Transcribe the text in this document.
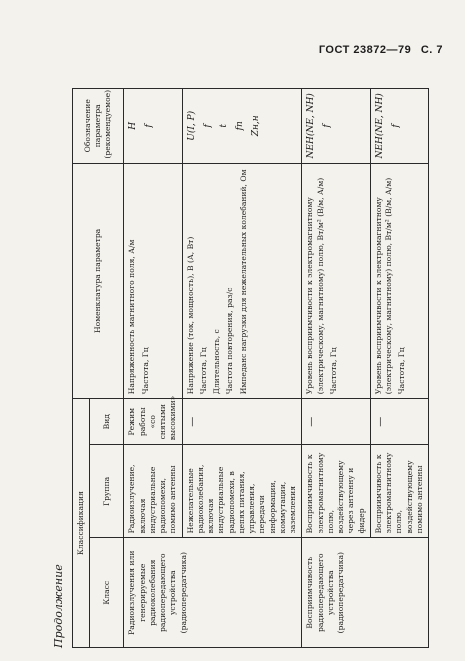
ГОСТ 23872—79 С. 7
Продолжение
Классификация			Номенклатура параметра	Обозначение параметра (рекомендуемое)
Класс	Группа	Вид		
Радиоизлучения или генерируемые радиоколебания радиопередающего устройства (радиопередатчика)	Радиоизлучение, включая индустриальные радиопомехи, помимо антенны	Режим работы «со снятыми высокими»	Напряженность магнитного поля, А/м Частота, Гц	H f

	Нежелательные радиоколебания, включая индустриальные радиопомехи, в цепях питания, управления, передачи информации, коммутации, заземления	—	Напряжение (ток, мощность), В (А, Вт) Частота, Гц Длительность, с Частота повторения, раз/с Импеданс нагрузки для нежелательных колебаний, Ом	U(I, P) f t fп Zн,н

Восприимчивость радиопередающего устройства (радиопередатчика)	Восприимчивость к электромагнитному полю, воздействующему через антенну и фидер	—	Уровень восприимчивости к электромагнитному (электрическому, магнитному) полю, Вт/м² (В/м, А/м) Частота, Гц	NEH(NE, NH) f

	Восприимчивость к электромагнитному полю, воздействующему помимо антенны	—	Уровень восприимчивости к электромагнитному (электрическому, магнитному) полю, Вт/м² (В/м, А/м) Частота, Гц	NEH(NE, NH) f
